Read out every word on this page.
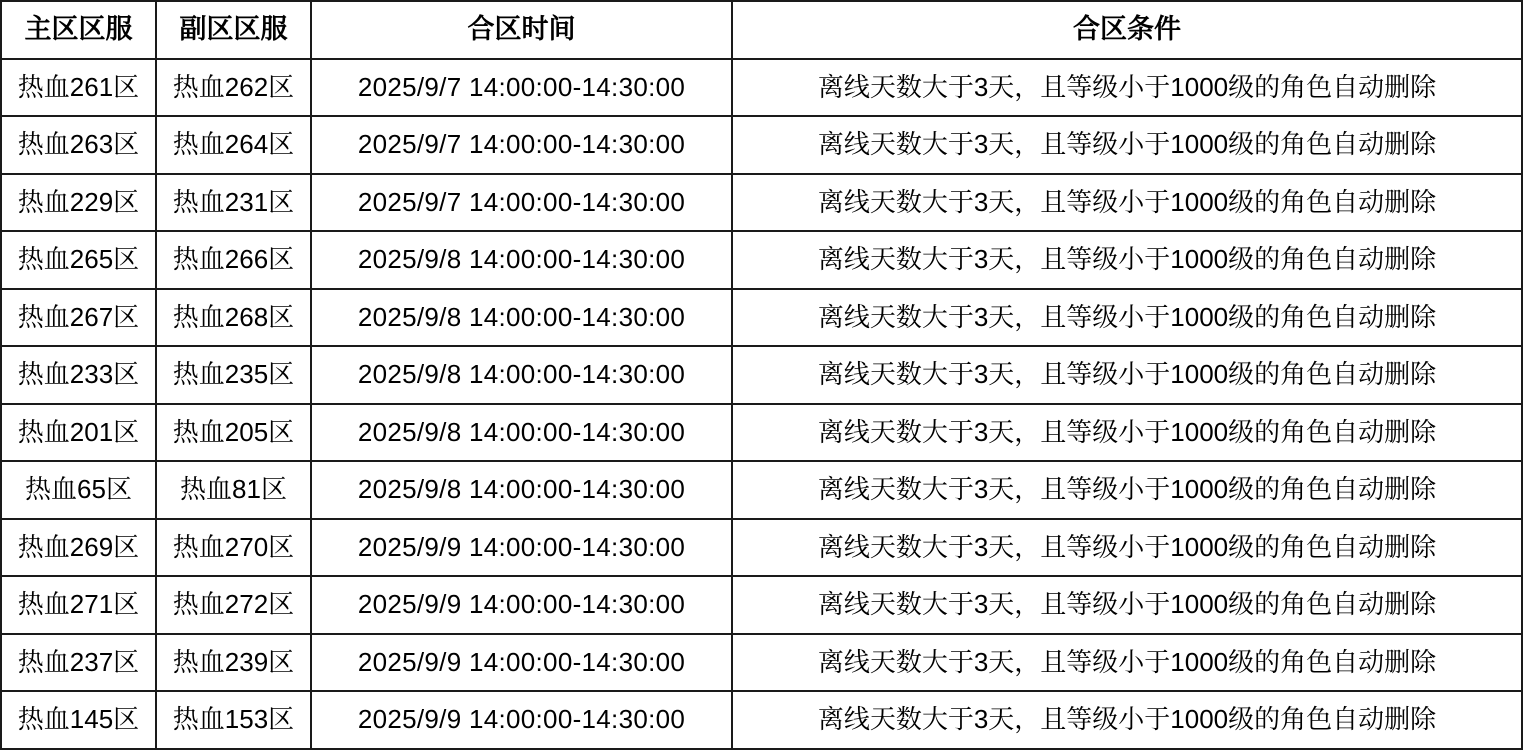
主区区服	副区区服	合区时间	合区条件
热血261区	热血262区	2025/9/7 14:00:00-14:30:00	离线天数大于3天，且等级小于1000级的角色自动删除
热血263区	热血264区	2025/9/7 14:00:00-14:30:00	离线天数大于3天，且等级小于1000级的角色自动删除
热血229区	热血231区	2025/9/7 14:00:00-14:30:00	离线天数大于3天，且等级小于1000级的角色自动删除
热血265区	热血266区	2025/9/8 14:00:00-14:30:00	离线天数大于3天，且等级小于1000级的角色自动删除
热血267区	热血268区	2025/9/8 14:00:00-14:30:00	离线天数大于3天，且等级小于1000级的角色自动删除
热血233区	热血235区	2025/9/8 14:00:00-14:30:00	离线天数大于3天，且等级小于1000级的角色自动删除
热血201区	热血205区	2025/9/8 14:00:00-14:30:00	离线天数大于3天，且等级小于1000级的角色自动删除
热血65区	热血81区	2025/9/8 14:00:00-14:30:00	离线天数大于3天，且等级小于1000级的角色自动删除
热血269区	热血270区	2025/9/9 14:00:00-14:30:00	离线天数大于3天，且等级小于1000级的角色自动删除
热血271区	热血272区	2025/9/9 14:00:00-14:30:00	离线天数大于3天，且等级小于1000级的角色自动删除
热血237区	热血239区	2025/9/9 14:00:00-14:30:00	离线天数大于3天，且等级小于1000级的角色自动删除
热血145区	热血153区	2025/9/9 14:00:00-14:30:00	离线天数大于3天，且等级小于1000级的角色自动删除
